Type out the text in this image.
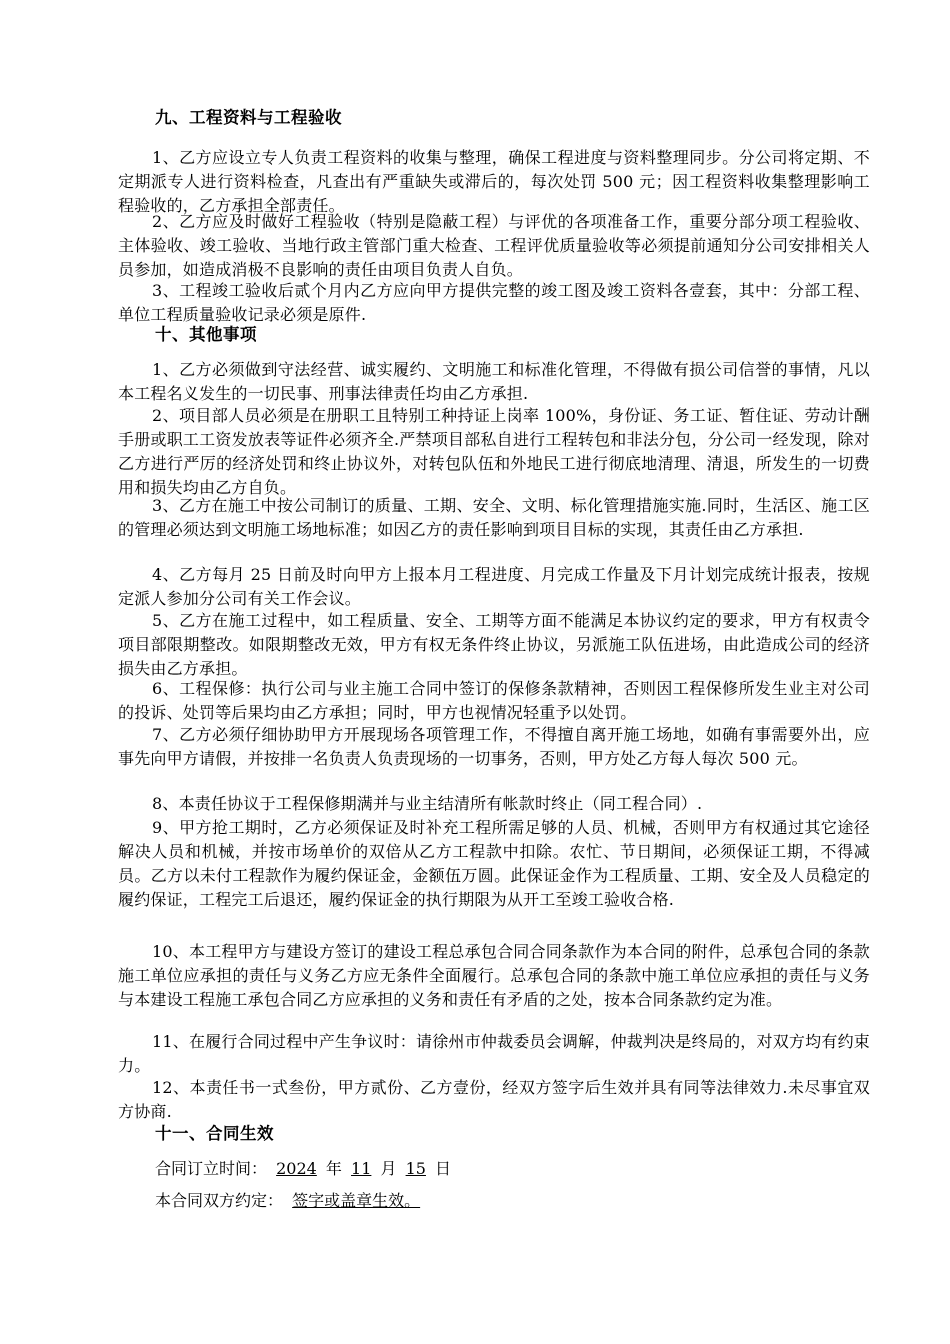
九、工程资料与工程验收
1、乙方应设立专人负责工程资料的收集与整理，确保工程进度与资料整理同步。分公司将定期、不定期派专人进行资料检查，凡查出有严重缺失或滞后的，每次处罚 500 元；因工程资料收集整理影响工程验收的，乙方承担全部责任。
2、乙方应及时做好工程验收（特别是隐蔽工程）与评优的各项准备工作，重要分部分项工程验收、主体验收、竣工验收、当地行政主管部门重大检查、工程评优质量验收等必须提前通知分公司安排相关人员参加，如造成消极不良影响的责任由项目负责人自负。
3、工程竣工验收后贰个月内乙方应向甲方提供完整的竣工图及竣工资料各壹套，其中：分部工程、单位工程质量验收记录必须是原件.
十、其他事项
1、乙方必须做到守法经营、诚实履约、文明施工和标准化管理，不得做有损公司信誉的事情，凡以本工程名义发生的一切民事、刑事法律责任均由乙方承担.
2、项目部人员必须是在册职工且特别工种持证上岗率 100%，身份证、务工证、暂住证、劳动计酬手册或职工工资发放表等证件必须齐全.严禁项目部私自进行工程转包和非法分包，分公司一经发现，除对乙方进行严厉的经济处罚和终止协议外，对转包队伍和外地民工进行彻底地清理、清退，所发生的一切费用和损失均由乙方自负。
3、乙方在施工中按公司制订的质量、工期、安全、文明、标化管理措施实施.同时，生活区、施工区的管理必须达到文明施工场地标准；如因乙方的责任影响到项目目标的实现，其责任由乙方承担.
4、乙方每月 25 日前及时向甲方上报本月工程进度、月完成工作量及下月计划完成统计报表，按规定派人参加分公司有关工作会议。
5、乙方在施工过程中，如工程质量、安全、工期等方面不能满足本协议约定的要求，甲方有权责令项目部限期整改。如限期整改无效，甲方有权无条件终止协议，另派施工队伍进场，由此造成公司的经济损失由乙方承担。
6、工程保修：执行公司与业主施工合同中签订的保修条款精神，否则因工程保修所发生业主对公司的投诉、处罚等后果均由乙方承担；同时，甲方也视情况轻重予以处罚。
7、乙方必须仔细协助甲方开展现场各项管理工作，不得擅自离开施工场地，如确有事需要外出，应事先向甲方请假，并按排一名负责人负责现场的一切事务，否则，甲方处乙方每人每次 500 元。
8、本责任协议于工程保修期满并与业主结清所有帐款时终止（同工程合同）.
9、甲方抢工期时，乙方必须保证及时补充工程所需足够的人员、机械，否则甲方有权通过其它途径解决人员和机械，并按市场单价的双倍从乙方工程款中扣除。农忙、节日期间，必须保证工期，不得减员。乙方以未付工程款作为履约保证金，金额伍万圆。此保证金作为工程质量、工期、安全及人员稳定的履约保证，工程完工后退还，履约保证金的执行期限为从开工至竣工验收合格.
10、本工程甲方与建设方签订的建设工程总承包合同合同条款作为本合同的附件，总承包合同的条款施工单位应承担的责任与义务乙方应无条件全面履行。总承包合同的条款中施工单位应承担的责任与义务与本建设工程施工承包合同乙方应承担的义务和责任有矛盾的之处，按本合同条款约定为准。
11、在履行合同过程中产生争议时：请徐州市仲裁委员会调解，仲裁判决是终局的，对双方均有约束力。
12、本责任书一式叁份，甲方贰份、乙方壹份，经双方签字后生效并具有同等法律效力.未尽事宜双方协商.
十一、合同生效
合同订立时间： 2024 年 11 月 15 日
本合同双方约定： 签字或盖章生效。
